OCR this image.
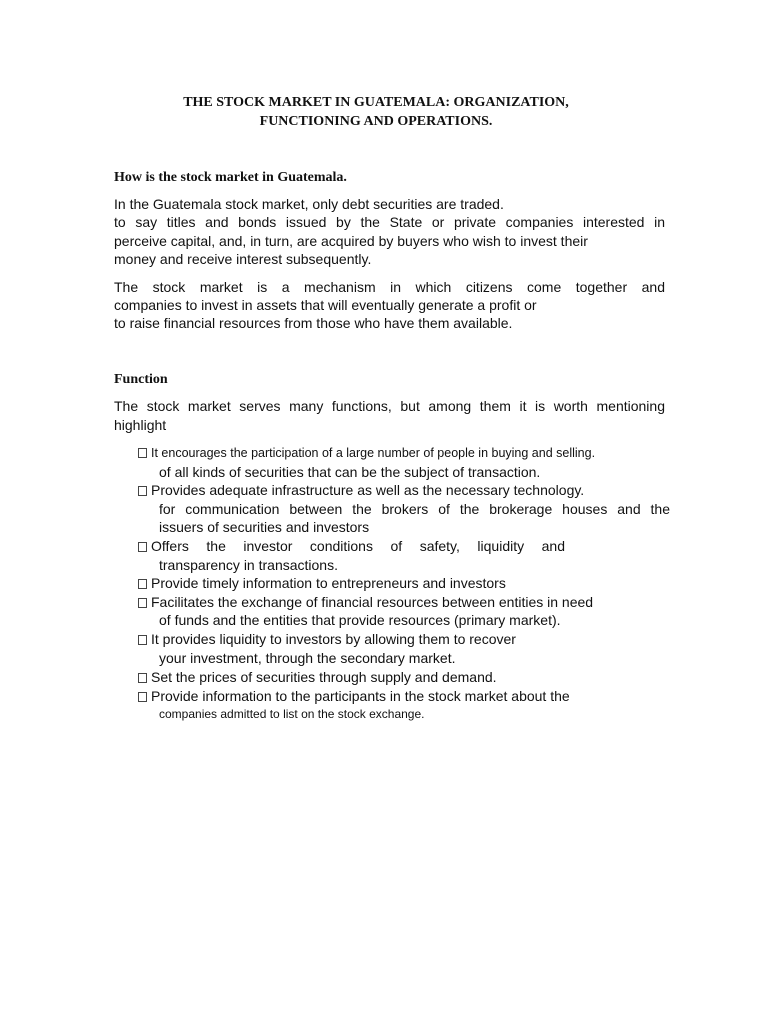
THE STOCK MARKET IN GUATEMALA: ORGANIZATION,
FUNCTIONING AND OPERATIONS.
How is the stock market in Guatemala.
In the Guatemala stock market, only debt securities are traded.
to say titles and bonds issued by the State or private companies interested in
perceive capital, and, in turn, are acquired by buyers who wish to invest their
money and receive interest subsequently.
The stock market is a mechanism in which citizens come together and
companies to invest in assets that will eventually generate a profit or
to raise financial resources from those who have them available.
Function
The stock market serves many functions, but among them it is worth mentioning
highlight
It encourages the participation of a large number of people in buying and selling.
of all kinds of securities that can be the subject of transaction.
Provides adequate infrastructure as well as the necessary technology.
for communication between the brokers of the brokerage houses and the
issuers of securities and investors
Offers the investor conditions of safety, liquidity and
transparency in transactions.
Provide timely information to entrepreneurs and investors
Facilitates the exchange of financial resources between entities in need
of funds and the entities that provide resources (primary market).
It provides liquidity to investors by allowing them to recover
your investment, through the secondary market.
Set the prices of securities through supply and demand.
Provide information to the participants in the stock market about the
companies admitted to list on the stock exchange.
